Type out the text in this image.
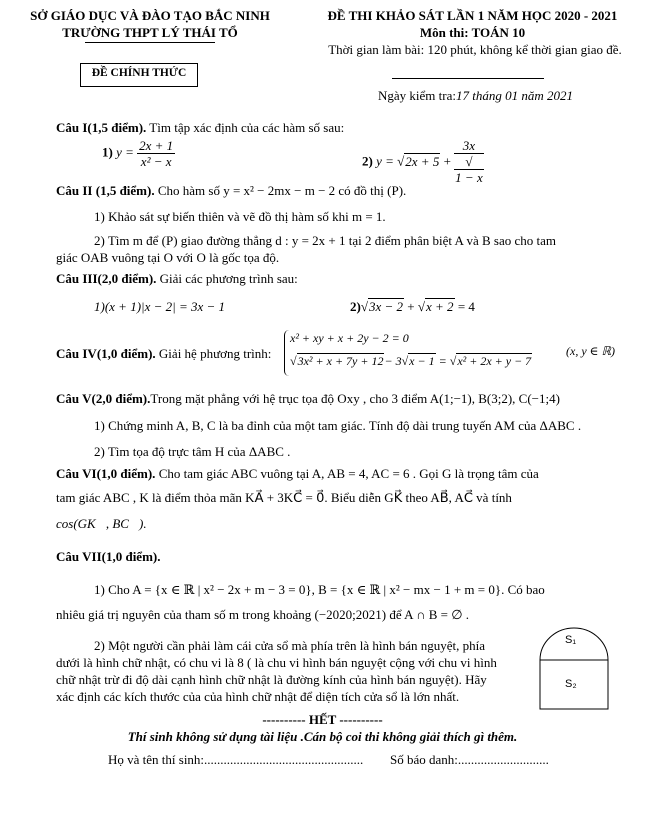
SỞ GIÁO DỤC VÀ ĐÀO TẠO BẮC NINH
TRƯỜNG THPT LÝ THÁI TỔ
ĐỀ CHÍNH THỨC
ĐỀ THI KHẢO SÁT LẦN 1 NĂM HỌC 2020 - 2021
Môn thi: TOÁN 10
Thời gian làm bài: 120 phút, không kể thời gian giao đề.
Ngày kiểm tra:17 tháng 01 năm 2021
Câu I(1,5 điểm). Tìm tập xác định của các hàm số sau:
1) $y = \frac{2x + 1}{\text{x² − x}}$	2) y = √2x + 5 + 3x
√
1 − x
Câu II (1,5 điểm). Cho hàm số y = x² − 2mx − m − 2 có đồ thị (P).
1) Khảo sát sự biến thiên và vẽ đồ thị hàm số khi m = 1.
2) Tìm m để (P) giao đường thẳng d : y = 2x + 1 tại 2 điểm phân biệt A và B sao cho tam
giác OAB vuông tại O với O là gốc tọa độ.
Câu III(2,0 điểm). Giải các phương trình sau:
1)(x + 1)|x − 2| = 3x − 1	2)√3x − 2 + √x + 2 = 4
Câu IV(1,0 điểm). Giải hệ phương trình:
x² + xy + x + 2y − 2 = 0
√3x² + x + 7y + 12− 3√x − 1 = √x² + 2x + y − 7
(x, y ∈ ℝ)
Câu V(2,0 điểm).Trong mặt phẳng với hệ trục tọa độ Oxy , cho 3 điểm A(1;−1), B(3;2), C(−1;4)
1) Chứng minh A, B, C là ba đỉnh của một tam giác. Tính độ dài trung tuyến AM của ΔABC .
2) Tìm tọa độ trực tâm H của ΔABC .
Câu VI(1,0 điểm). Cho tam giác ABC vuông tại A, AB = 4, AC = 6 . Gọi G là trọng tâm của
tam giác ABC , K là điểm thỏa mãn KA⃗ + 3KC⃗ = 0⃗. Biểu diễn GK⃗ theo AB⃗, AC⃗ và tính
cos(GK⃗, BC⃗).
Câu VII(1,0 điểm).
1) Cho A = {x ∈ ℝ | x² − 2x + m − 3 = 0}, B = {x ∈ ℝ | x² − mx − 1 + m = 0}. Có bao
nhiêu giá trị nguyên của tham số m trong khoảng (−2020;2021) để A ∩ B = ∅ .
2) Một người cần phải làm cái cửa sổ mà phía trên là hình bán nguyệt, phía
dưới là hình chữ nhật, có chu vi là 8 ( là chu vi hình bán nguyệt cộng với chu vi hình
chữ nhật trừ đi độ dài cạnh hình chữ nhật là đường kính của hình bán nguyệt). Hãy
xác định các kích thước của của hình chữ nhật để diện tích cửa sổ là lớn nhất.
S₁
S₂
---------- HẾT ----------
Thí sinh không sử dụng tài liệu .Cán bộ coi thi không giải thích gì thêm.
Họ và tên thí sinh:................................................. Số báo danh:............................
